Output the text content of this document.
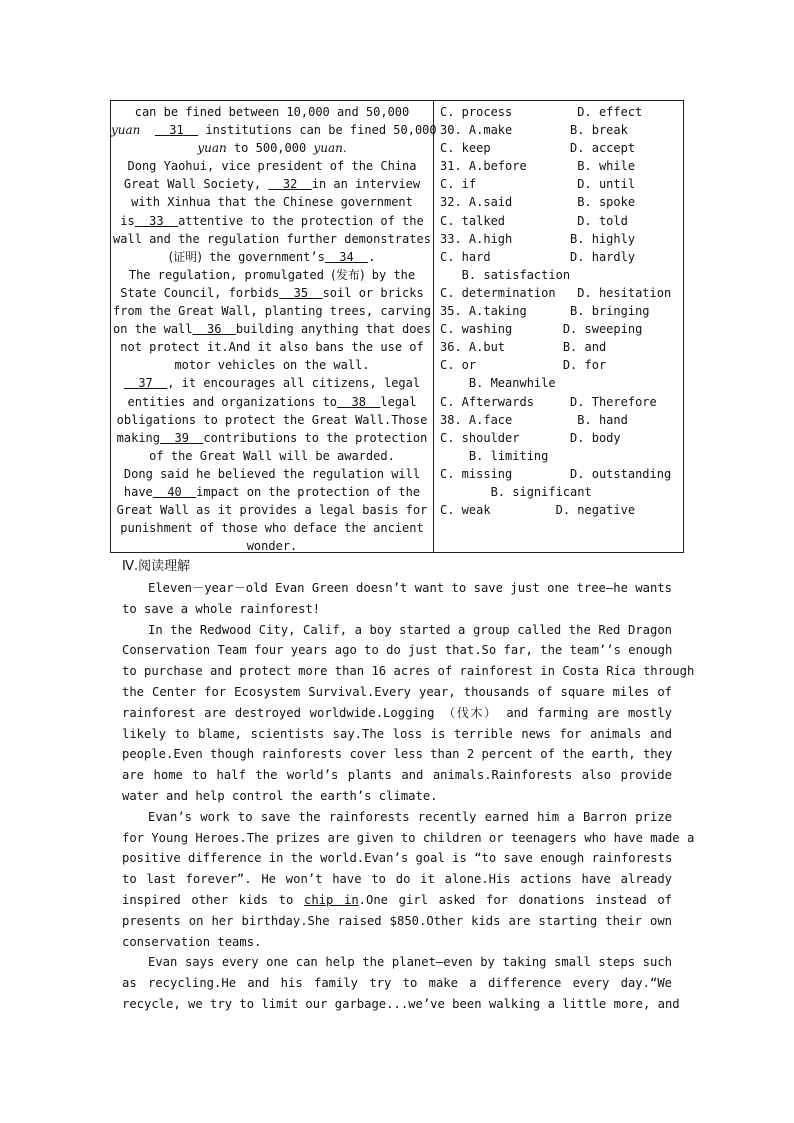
can be fined between 10,000 and 50,000
yuan 31 institutions can be fined 50,000
yuan to 500,000 yuan.
Dong Yaohui, vice president of the China
Great Wall Society, 32 in an interview
with Xinhua that the Chinese government
is 33 attentive to the protection of the
wall and the regulation further demonstrates
(证明) the government’s 34 .
The regulation, promulgated (发布) by the
State Council, forbids 35 soil or bricks
from the Great Wall, planting trees, carving
on the wall 36 building anything that does
not protect it.And it also bans the use of
motor vehicles on the wall.
37 , it encourages all citizens, legal
entities and organizations to 38 legal
obligations to protect the Great Wall.Those
making 39 contributions to the protection
of the Great Wall will be awarded.
Dong said he believed the regulation will
have 40 impact on the protection of the
Great Wall as it provides a legal basis for
punishment of those who deface the ancient
wonder.
C. process         D. effect
30. A.make        B. break
C. keep           D. accept
31. A.before       B. while
C. if              D. until
32. A.said         B. spoke
C. talked          D. told
33. A.high        B. highly
C. hard           D. hardly
B. satisfaction
C. determination   D. hesitation
35. A.taking      B. bringing
C. washing       D. sweeping
36. A.but        B. and
C. or            D. for
B. Meanwhile
C. Afterwards     D. Therefore
38. A.face         B. hand
C. shoulder       D. body
B. limiting
C. missing        D. outstanding
B. significant
C. weak         D. negative
Ⅳ.阅读理解
Eleven－year－old Evan Green doesn’t want to save just one tree—he wants
to save a whole rainforest!
In the Redwood City, Calif, a boy started a group called the Red Dragon
Conservation Team four years ago to do just that.So far, the team’’s enough
to purchase and protect more than 16 acres of rainforest in Costa Rica through
the Center for Ecosystem Survival.Every year, thousands of square miles of
rainforest are destroyed worldwide.Logging （伐木） and farming are mostly
likely to blame, scientists say.The loss is terrible news for animals and
people.Even though rainforests cover less than 2 percent of the earth, they
are home to half the world’s plants and animals.Rainforests also provide
water and help control the earth’s climate.
Evan’s work to save the rainforests recently earned him a Barron prize
for Young Heroes.The prizes are given to children or teenagers who have made a
positive difference in the world.Evan’s goal is “to save enough rainforests
to last forever”. He won’t have to do it alone.His actions have already
inspired other kids to chip in.One girl asked for donations instead of
presents on her birthday.She raised $850.Other kids are starting their own
conservation teams.
Evan says every one can help the planet—even by taking small steps such
as recycling.He and his family try to make a difference every day.“We
recycle, we try to limit our garbage...we’ve been walking a little more, and
